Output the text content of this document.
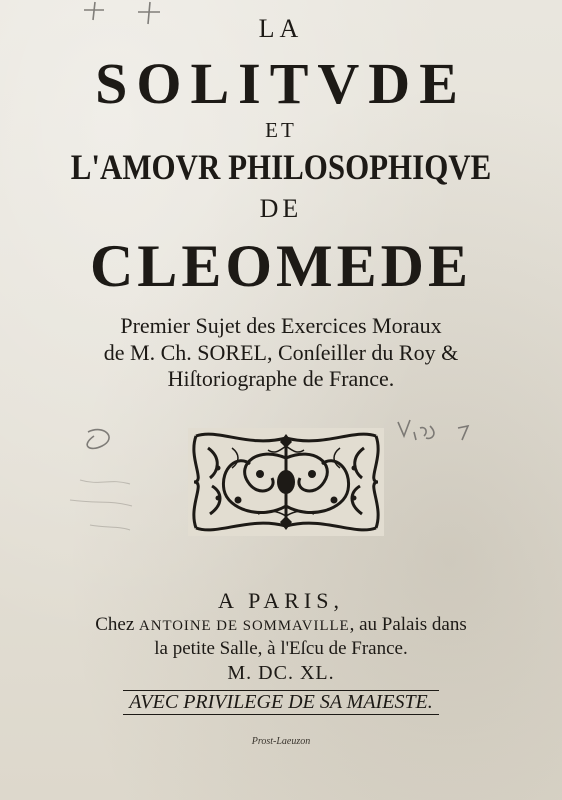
LA
SOLITVDE
ET
L'AMOVR PHILOSOPHIQVE
DE
CLEOMEDE
Premier Sujet des Exercices Moraux
de M. Ch. SOREL, Conſeiller du Roy &
Hiſtoriographe de France.
A PARIS,
Chez ANTOINE DE SOMMAVILLE, au Palais dans
la petite Salle, à l'Eſcu de France.
M. DC. XL.
AVEC PRIVILEGE DE SA MAIESTE.
Prost-Laeuzon
